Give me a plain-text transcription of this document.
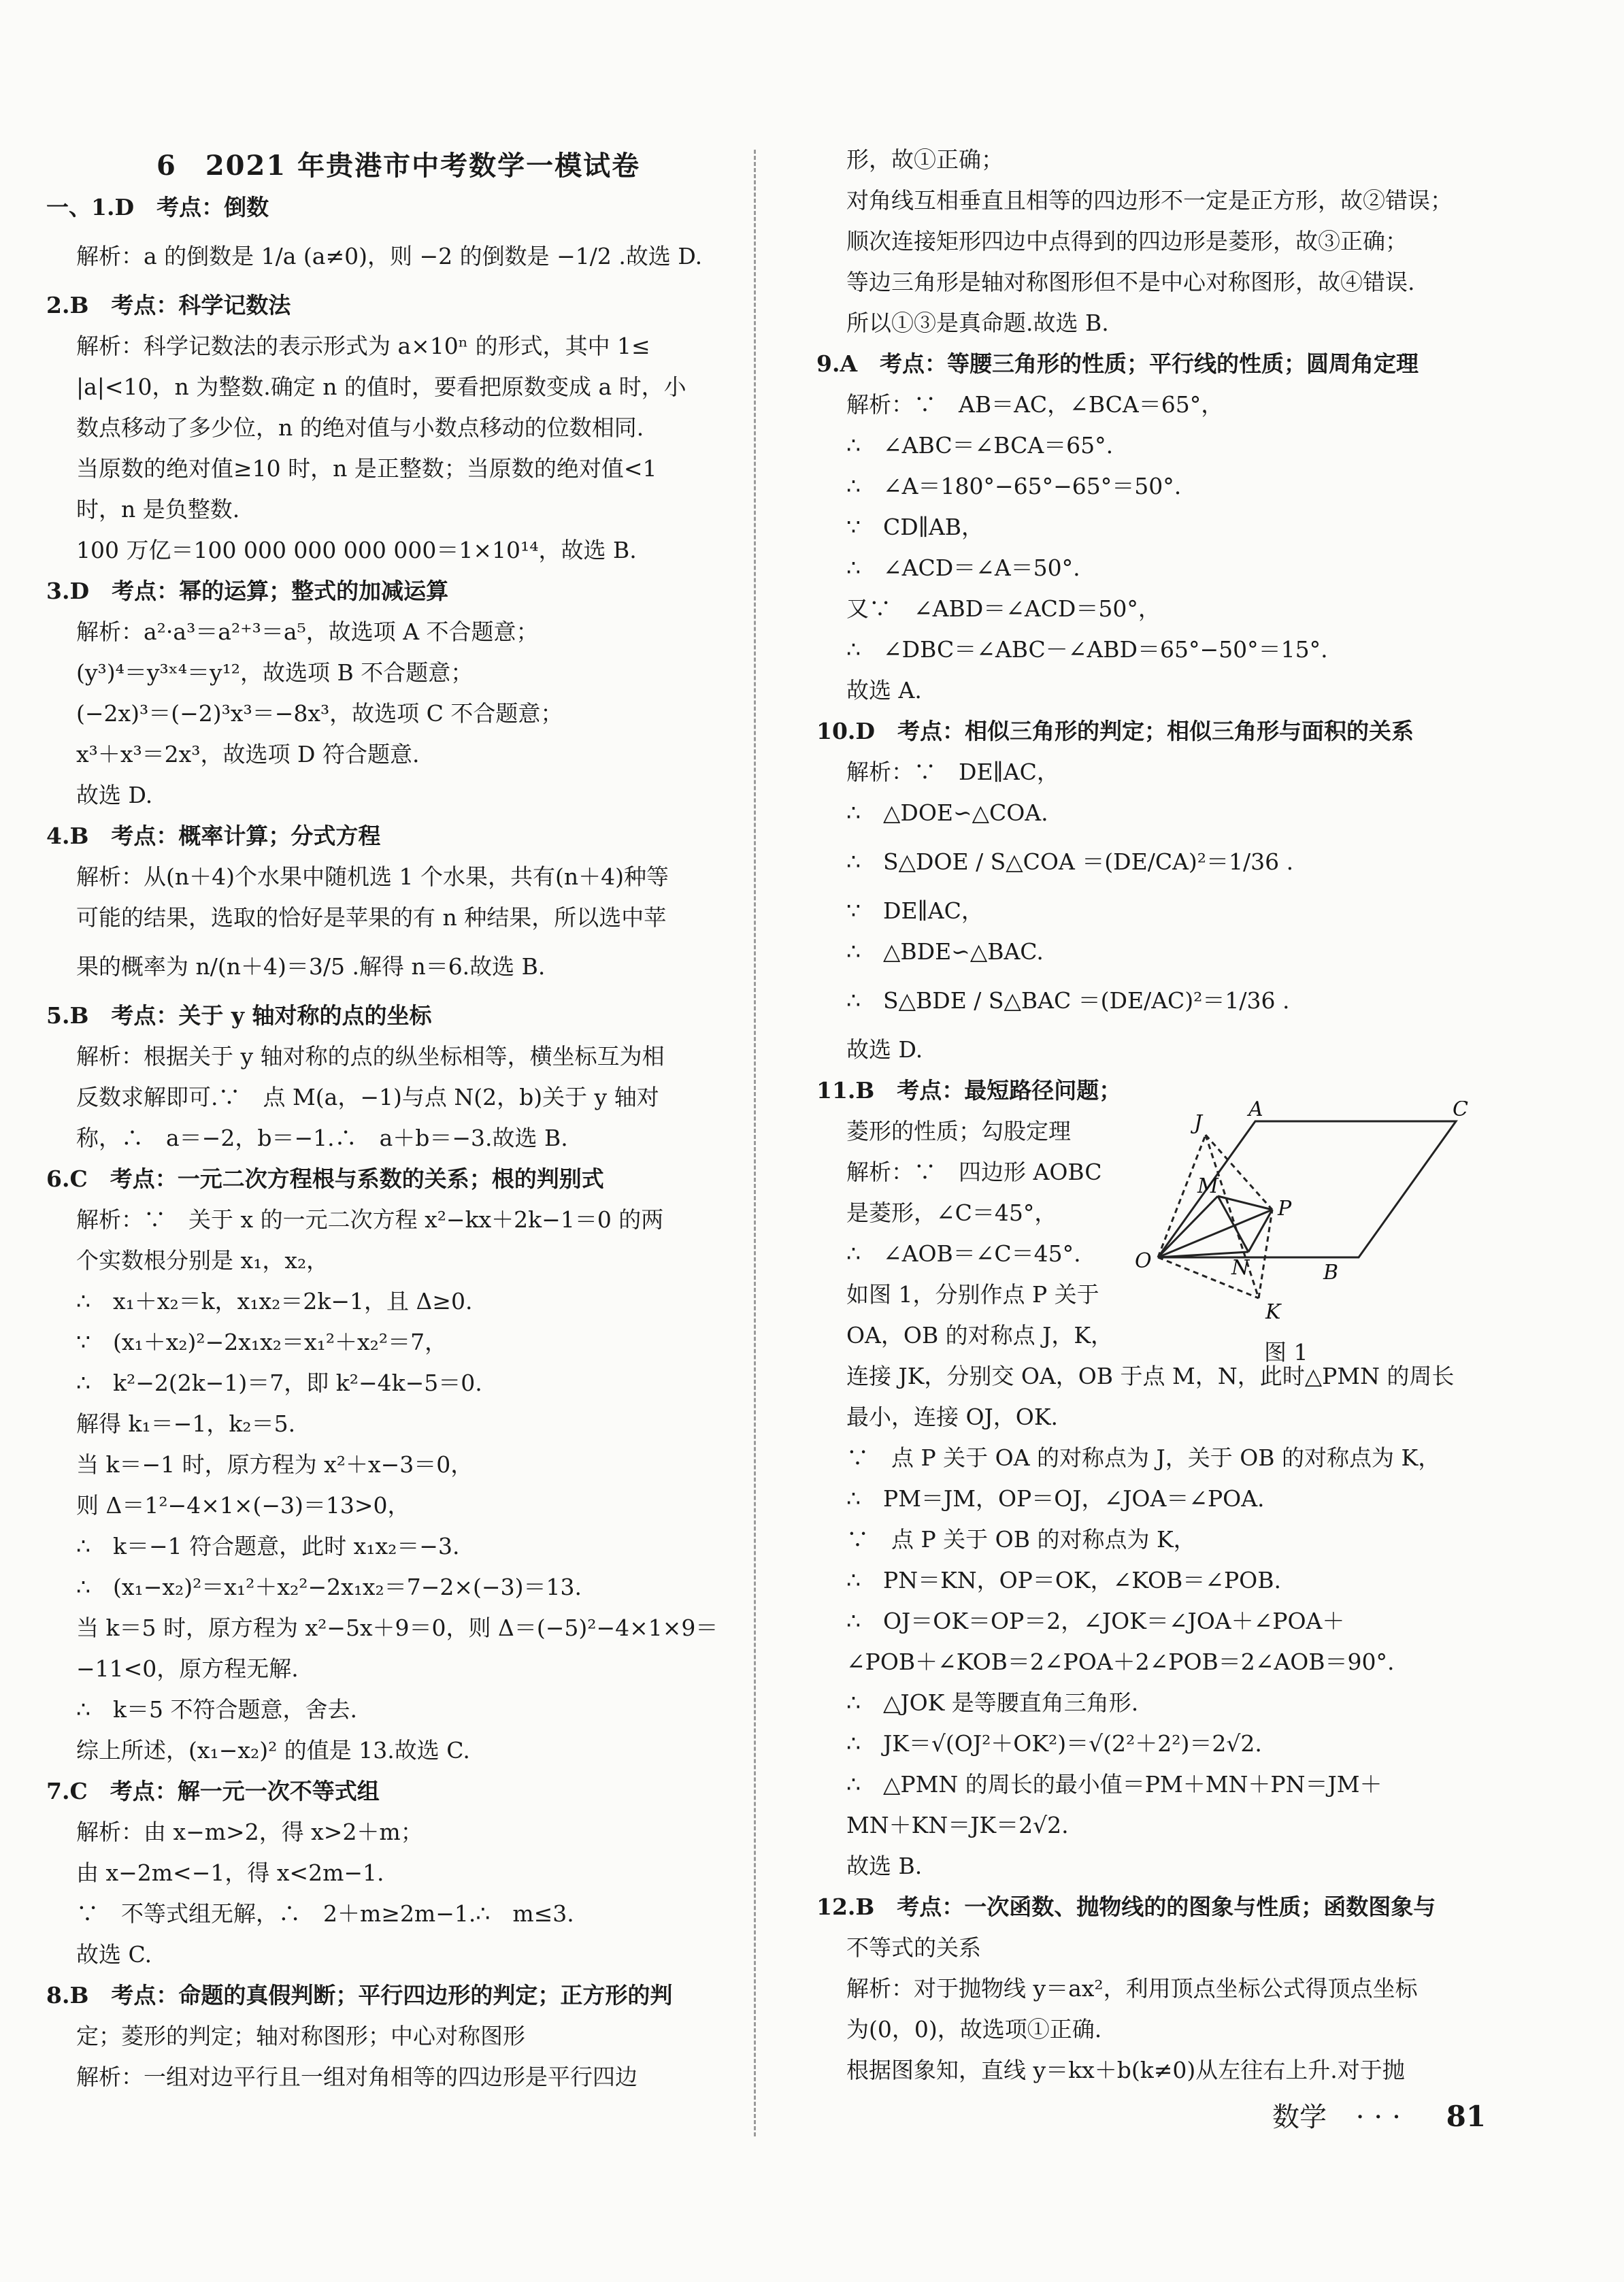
6　2021 年贵港市中考数学一模试卷
一、1.D　考点：倒数
解析：a 的倒数是 1/a (a≠0)，则 −2 的倒数是 −1/2 .故选 D.
2.B　考点：科学记数法
解析：科学记数法的表示形式为 a×10ⁿ 的形式，其中 1≤
|a|<10，n 为整数.确定 n 的值时，要看把原数变成 a 时，小
数点移动了多少位，n 的绝对值与小数点移动的位数相同.
当原数的绝对值≥10 时，n 是正整数；当原数的绝对值<1
时，n 是负整数.
100 万亿＝100 000 000 000 000＝1×10¹⁴，故选 B.
3.D　考点：幂的运算；整式的加减运算
解析：a²·a³＝a²⁺³＝a⁵，故选项 A 不合题意；
(y³)⁴＝y³ˣ⁴＝y¹²，故选项 B 不合题意；
(−2x)³＝(−2)³x³＝−8x³，故选项 C 不合题意；
x³＋x³＝2x³，故选项 D 符合题意.
故选 D.
4.B　考点：概率计算；分式方程
解析：从(n＋4)个水果中随机选 1 个水果，共有(n＋4)种等
可能的结果，选取的恰好是苹果的有 n 种结果，所以选中苹
果的概率为 n/(n＋4)＝3/5 .解得 n＝6.故选 B.
5.B　考点：关于 y 轴对称的点的坐标
解析：根据关于 y 轴对称的点的纵坐标相等，横坐标互为相
反数求解即可.∵　点 M(a，−1)与点 N(2，b)关于 y 轴对
称，∴　a＝−2，b＝−1.∴　a＋b＝−3.故选 B.
6.C　考点：一元二次方程根与系数的关系；根的判别式
解析：∵　关于 x 的一元二次方程 x²−kx＋2k−1＝0 的两
个实数根分别是 x₁，x₂，
∴　x₁＋x₂＝k，x₁x₂＝2k−1，且 Δ≥0.
∵　(x₁＋x₂)²−2x₁x₂＝x₁²＋x₂²＝7，
∴　k²−2(2k−1)＝7，即 k²−4k−5＝0.
解得 k₁＝−1，k₂＝5.
当 k＝−1 时，原方程为 x²＋x−3＝0，
则 Δ＝1²−4×1×(−3)＝13>0，
∴　k＝−1 符合题意，此时 x₁x₂＝−3.
∴　(x₁−x₂)²＝x₁²＋x₂²−2x₁x₂＝7−2×(−3)＝13.
当 k＝5 时，原方程为 x²−5x＋9＝0，则 Δ＝(−5)²−4×1×9＝
−11<0，原方程无解.
∴　k＝5 不符合题意，舍去.
综上所述，(x₁−x₂)² 的值是 13.故选 C.
7.C　考点：解一元一次不等式组
解析：由 x−m>2，得 x>2＋m；
由 x−2m<−1，得 x<2m−1.
∵　不等式组无解，∴　2＋m≥2m−1.∴　m≤3.
故选 C.
8.B　考点：命题的真假判断；平行四边形的判定；正方形的判
定；菱形的判定；轴对称图形；中心对称图形
解析：一组对边平行且一组对角相等的四边形是平行四边
形，故①正确；
对角线互相垂直且相等的四边形不一定是正方形，故②错误；
顺次连接矩形四边中点得到的四边形是菱形，故③正确；
等边三角形是轴对称图形但不是中心对称图形，故④错误.
所以①③是真命题.故选 B.
9.A　考点：等腰三角形的性质；平行线的性质；圆周角定理
解析：∵　AB＝AC，∠BCA＝65°，
∴　∠ABC＝∠BCA＝65°.
∴　∠A＝180°−65°−65°＝50°.
∵　CD∥AB，
∴　∠ACD＝∠A＝50°.
又∵　∠ABD＝∠ACD＝50°，
∴　∠DBC＝∠ABC－∠ABD＝65°−50°＝15°.
故选 A.
10.D　考点：相似三角形的判定；相似三角形与面积的关系
解析：∵　DE∥AC，
∴　△DOE∽△COA.
∴　S△DOE / S△COA ＝(DE/CA)²＝1/36 .
∵　DE∥AC，
∴　△BDE∽△BAC.
∴　S△BDE / S△BAC ＝(DE/AC)²＝1/36 .
故选 D.
11.B　考点：最短路径问题；
菱形的性质；勾股定理
解析：∵　四边形 AOBC
是菱形，∠C＝45°，
∴　∠AOB＝∠C＝45°.
如图 1，分别作点 P 关于
OA，OB 的对称点 J，K，
连接 JK，分别交 OA，OB 于点 M，N，此时△PMN 的周长
最小，连接 OJ，OK.
∵　点 P 关于 OA 的对称点为 J，关于 OB 的对称点为 K，
∴　PM＝JM，OP＝OJ，∠JOA＝∠POA.
∵　点 P 关于 OB 的对称点为 K，
∴　PN＝KN，OP＝OK，∠KOB＝∠POB.
∴　OJ＝OK＝OP＝2，∠JOK＝∠JOA＋∠POA＋
∠POB＋∠KOB＝2∠POA＋2∠POB＝2∠AOB＝90°.
∴　△JOK 是等腰直角三角形.
∴　JK＝√(OJ²＋OK²)＝√(2²＋2²)＝2√2.
∴　△PMN 的周长的最小值＝PM＋MN＋PN＝JM＋
MN＋KN＝JK＝2√2.
故选 B.
12.B　考点：一次函数、抛物线的的图象与性质；函数图象与
不等式的关系
解析：对于抛物线 y＝ax²，利用顶点坐标公式得顶点坐标
为(0，0)，故选项①正确.
根据图象知，直线 y＝kx＋b(k≠0)从左往右上升.对于抛
A	C
J
M
P
O	N	B
K
图 1
数学 ··· 81
